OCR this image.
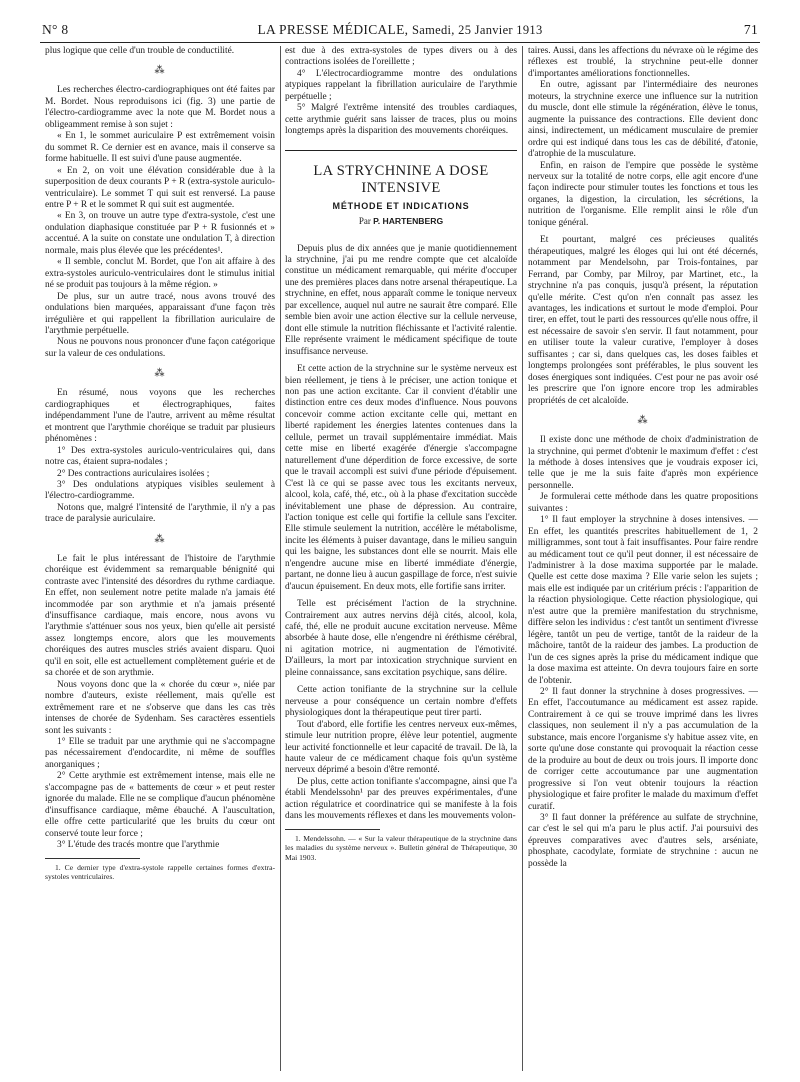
N° 8	LA PRESSE MÉDICALE, Samedi, 25 Janvier 1913	71

plus logique que celle d'un trouble de conductilité.

⁂

Les recherches électro-cardiographiques ont été faites par M. Bordet. Nous reproduisons ici (fig. 3) une partie de l'électro-cardiogramme avec la note que M. Bordet nous a obligeamment remise à son sujet :

« En 1, le sommet auriculaire P est extrêmement voisin du sommet R. Ce dernier est en avance, mais il conserve sa forme habituelle. Il est suivi d'une pause augmentée.

« En 2, on voit une élévation considérable due à la superposition de deux courants P + R (extra-systole auriculo-ventriculaire). Le sommet T qui suit est renversé. La pause entre P + R et le sommet R qui suit est augmentée.

« En 3, on trouve un autre type d'extra-systole, c'est une ondulation diaphasique constituée par P + R fusionnés et » accentué. A la suite on constate une ondulation T, à direction normale, mais plus élevée que les précédentes¹.

« Il semble, conclut M. Bordet, que l'on ait affaire à des extra-systoles auriculo-ventriculaires dont le stimulus initial né se produit pas toujours à la même région. »

De plus, sur un autre tracé, nous avons trouvé des ondulations bien marquées, apparaissant d'une façon très irrégulière et qui rappellent la fibrillation auriculaire de l'arythmie perpétuelle.

Nous ne pouvons nous prononcer d'une façon catégorique sur la valeur de ces ondulations.

⁂

En résumé, nous voyons que les recherches cardiographiques et électrographiques, faites indépendamment l'une de l'autre, arrivent au même résultat et montrent que l'arythmie choréique se traduit par plusieurs phénomènes :

1° Des extra-systoles auriculo-ventriculaires qui, dans notre cas, étaient supra-nodales ;

2° Des contractions auriculaires isolées ;

3° Des ondulations atypiques visibles seulement à l'électro-cardiogramme.

Notons que, malgré l'intensité de l'arythmie, il n'y a pas trace de paralysie auriculaire.

⁂

Le fait le plus intéressant de l'histoire de l'arythmie choréique est évidemment sa remarquable bénignité qui contraste avec l'intensité des désordres du rythme cardiaque. En effet, non seulement notre petite malade n'a jamais été incommodée par son arythmie et n'a jamais présenté d'insuffisance cardiaque, mais encore, nous avons vu l'arythmie s'atténuer sous nos yeux, bien qu'elle ait persisté assez longtemps encore, alors que les mouvements choréiques des autres muscles striés avaient disparu. Quoi qu'il en soit, elle est actuellement complètement guérie et de sa chorée et de son arythmie.

Nous voyons donc que la « chorée du cœur », niée par nombre d'auteurs, existe réellement, mais qu'elle est extrêmement rare et ne s'observe que dans les cas très intenses de chorée de Sydenham. Ses caractères essentiels sont les suivants :

1° Elle se traduit par une arythmie qui ne s'accompagne pas nécessairement d'endocardite, ni même de souffles anorganiques ;

2° Cette arythmie est extrêmement intense, mais elle ne s'accompagne pas de « battements de cœur » et peut rester ignorée du malade. Elle ne se complique d'aucun phénomène d'insuffisance cardiaque, même ébauché. A l'auscultation, elle offre cette particularité que les bruits du cœur ont conservé toute leur force ;

3° L'étude des tracés montre que l'arythmie

1. Ce dernier type d'extra-systole rappelle certaines formes d'extra-systoles ventriculaires.

est due à des extra-systoles de types divers ou à des contractions isolées de l'oreillette ;

4° L'électrocardiogramme montre des ondulations atypiques rappelant la fibrillation auriculaire de l'arythmie perpétuelle ;

5° Malgré l'extrême intensité des troubles cardiaques, cette arythmie guérit sans laisser de traces, plus ou moins longtemps après la disparition des mouvements choréiques.

LA STRYCHNINE A DOSE INTENSIVE
MÉTHODE ET INDICATIONS
Par P. HARTENBERG

Depuis plus de dix années que je manie quotidiennement la strychnine, j'ai pu me rendre compte que cet alcaloïde constitue un médicament remarquable, qui mérite d'occuper une des premières places dans notre arsenal thérapeutique. La strychnine, en effet, nous apparaît comme le tonique nerveux par excellence, auquel nul autre ne saurait être comparé. Elle semble bien avoir une action élective sur la cellule nerveuse, dont elle stimule la nutrition fléchissante et l'activité ralentie. Elle représente vraiment le médicament spécifique de toute insuffisance nerveuse.

Et cette action de la strychnine sur le système nerveux est bien réellement, je tiens à le préciser, une action tonique et non pas une action excitante. Car il convient d'établir une distinction entre ces deux modes d'influence. Nous pouvons concevoir comme action excitante celle qui, mettant en liberté rapidement les énergies latentes contenues dans la cellule, permet un travail supplémentaire immédiat. Mais cette mise en liberté exagérée d'énergie s'accompagne naturellement d'une déperdition de force excessive, de sorte que le travail accompli est suivi d'une période d'épuisement. C'est là ce qui se passe avec tous les excitants nerveux, alcool, kola, café, thé, etc., où à la phase d'excitation succède inévitablement une phase de dépression. Au contraire, l'action tonique est celle qui fortifie la cellule sans l'exciter. Elle stimule seulement la nutrition, accélère le métabolisme, incite les éléments à puiser davantage, dans le milieu sanguin qui les baigne, les substances dont elle se nourrit. Mais elle n'engendre aucune mise en liberté immédiate d'énergie, partant, ne donne lieu à aucun gaspillage de force, n'est suivie d'aucun épuisement. En deux mots, elle fortifie sans irriter.

Telle est précisément l'action de la strychnine. Contrairement aux autres nervins déjà cités, alcool, kola, café, thé, elle ne produit aucune excitation nerveuse. Même absorbée à haute dose, elle n'engendre ni éréthisme cérébral, ni agitation motrice, ni augmentation de l'émotivité. D'ailleurs, la mort par intoxication strychnique survient en pleine connaissance, sans excitation psychique, sans délire.

Cette action tonifiante de la strychnine sur la cellule nerveuse a pour conséquence un certain nombre d'effets physiologiques dont la thérapeutique peut tirer parti.

Tout d'abord, elle fortifie les centres nerveux eux-mêmes, stimule leur nutrition propre, élève leur potentiel, augmente leur activité fonctionnelle et leur capacité de travail. De là, la haute valeur de ce médicament chaque fois qu'un système nerveux déprimé a besoin d'être remonté.

De plus, cette action tonifiante s'accompagne, ainsi que l'a établi Mendelssohn¹ par des preuves expérimentales, d'une action régulatrice et coordinatrice qui se manifeste à la fois dans les mouvements réflexes et dans les mouvements volon-

1. Mendelssohn. — « Sur la valeur thérapeutique de la strychnine dans les maladies du système nerveux ». Bulletin général de Thérapeutique, 30 Mai 1903.

taires. Aussi, dans les affections du névraxe où le régime des réflexes est troublé, la strychnine peut-elle donner d'importantes améliorations fonctionnelles.

En outre, agissant par l'intermédiaire des neurones moteurs, la strychnine exerce une influence sur la nutrition du muscle, dont elle stimule la régénération, élève le tonus, augmente la puissance des contractions. Elle devient donc ainsi, indirectement, un médicament musculaire de premier ordre qui est indiqué dans tous les cas de débilité, d'atonie, d'atrophie de la musculature.

Enfin, en raison de l'empire que possède le système nerveux sur la totalité de notre corps, elle agit encore d'une façon indirecte pour stimuler toutes les fonctions et tous les organes, la digestion, la circulation, les sécrétions, la nutrition de l'organisme. Elle remplit ainsi le rôle d'un tonique général.

Et pourtant, malgré ces précieuses qualités thérapeutiques, malgré les éloges qui lui ont été décernés, notamment par Mendelsohn, par Trois-fontaines, par Ferrand, par Comby, par Milroy, par Martinet, etc., la strychnine n'a pas conquis, jusqu'à présent, la réputation qu'elle mérite. C'est qu'on n'en connaît pas assez les avantages, les indications et surtout le mode d'emploi. Pour tirer, en effet, tout le parti des ressources qu'elle nous offre, il est nécessaire de savoir s'en servir. Il faut notamment, pour en utiliser toute la valeur curative, l'employer à doses suffisantes ; car si, dans quelques cas, les doses faibles et longtemps prolongées sont préférables, le plus souvent les doses énergiques sont indiquées. C'est pour ne pas avoir osé les prescrire que l'on ignore encore trop les admirables propriétés de cet alcaloïde.

⁂

Il existe donc une méthode de choix d'administration de la strychnine, qui permet d'obtenir le maximum d'effet : c'est la méthode à doses intensives que je voudrais exposer ici, telle que je me la suis faite d'après mon expérience personnelle.

Je formulerai cette méthode dans les quatre propositions suivantes :

1° Il faut employer la strychnine à doses intensives. — En effet, les quantités prescrites habituellement de 1, 2 milligrammes, sont tout à fait insuffisantes. Pour faire rendre au médicament tout ce qu'il peut donner, il est nécessaire de l'administrer à la dose maxima supportée par le malade. Quelle est cette dose maxima ? Elle varie selon les sujets ; mais elle est indiquée par un critérium précis : l'apparition de la réaction physiologique. Cette réaction physiologique, qui n'est autre que la première manifestation du strychnisme, diffère selon les individus : c'est tantôt un sentiment d'ivresse légère, tantôt un peu de vertige, tantôt de la raideur de la mâchoire, tantôt de la raideur des jambes. La production de l'un de ces signes après la prise du médicament indique que la dose maxima est atteinte. On devra toujours faire en sorte de l'obtenir.

2° Il faut donner la strychnine à doses progressives. — En effet, l'accoutumance au médicament est assez rapide. Contrairement à ce qui se trouve imprimé dans les livres classiques, non seulement il n'y a pas accumulation de la substance, mais encore l'organisme s'y habitue assez vite, en sorte qu'une dose constante qui provoquait la réaction cesse de la produire au bout de deux ou trois jours. Il importe donc de corriger cette accoutumance par une augmentation progressive si l'on veut obtenir toujours la réaction physiologique et faire profiter le malade du maximum d'effet curatif.

3° Il faut donner la préférence au sulfate de strychnine, car c'est le sel qui m'a paru le plus actif. J'ai poursuivi des épreuves comparatives avec d'autres sels, arséniate, phosphate, cacodylate, formiate de strychnine : aucun ne possède la
